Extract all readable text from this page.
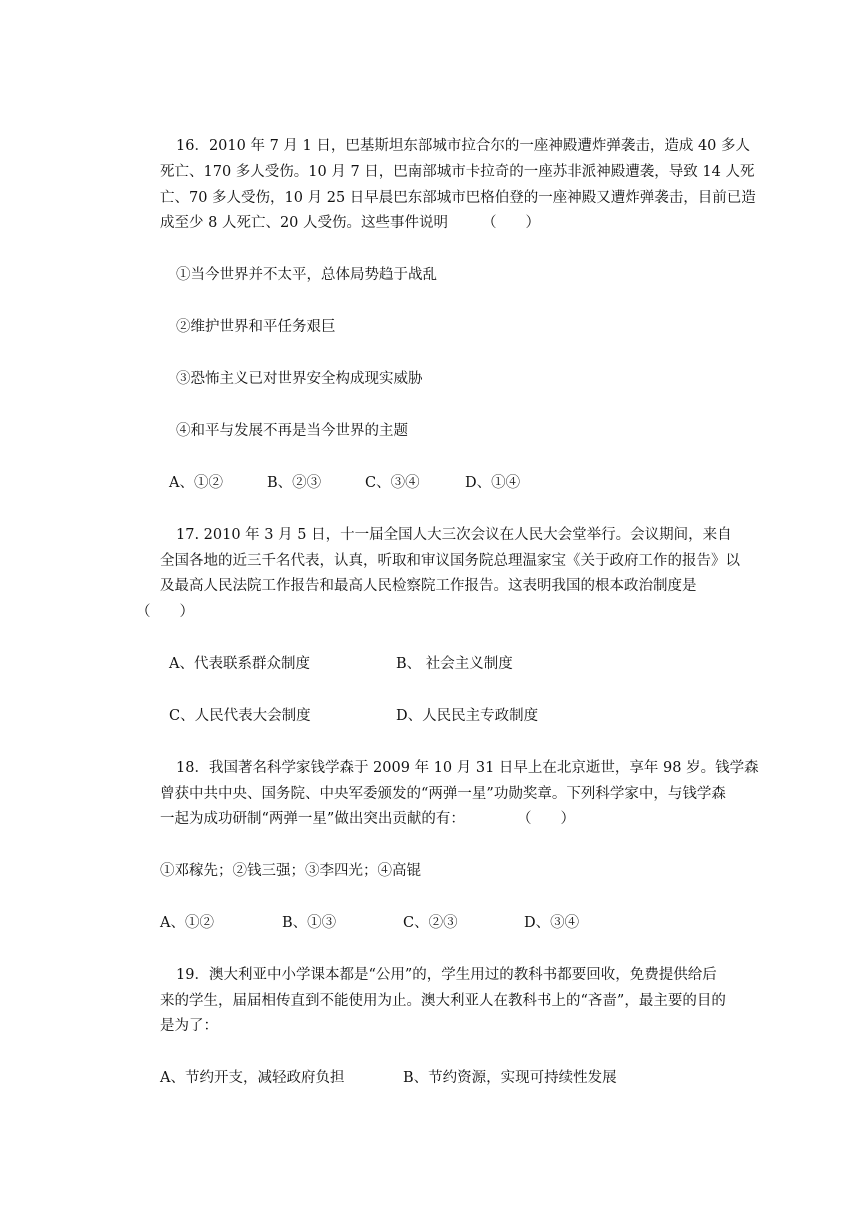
16．2010 年 7 月 1 日，巴基斯坦东部城市拉合尔的一座神殿遭炸弹袭击，造成 40 多人
死亡、170 多人受伤。10 月 7 日，巴南部城市卡拉奇的一座苏非派神殿遭袭，导致 14 人死
亡、70 多人受伤，10 月 25 日早晨巴东部城市巴格伯登的一座神殿又遭炸弹袭击，目前已造
成至少 8 人死亡、20 人受伤。这些事件说明 （　　）
①当今世界并不太平，总体局势趋于战乱
②维护世界和平任务艰巨
③恐怖主义已对世界安全构成现实威胁
④和平与发展不再是当今世界的主题
A、①②	B、②③	C、③④	D、①④
17. 2010 年 3 月 5 日，十一届全国人大三次会议在人民大会堂举行。会议期间，来自
全国各地的近三千名代表，认真，听取和审议国务院总理温家宝《关于政府工作的报告》以
及最高人民法院工作报告和最高人民检察院工作报告。这表明我国的根本政治制度是
（　　）
A、代表联系群众制度	B、 社会主义制度
C、人民代表大会制度	D、人民民主专政制度
18．我国著名科学家钱学森于 2009 年 10 月 31 日早上在北京逝世，享年 98 岁。钱学森
曾获中共中央、国务院、中央军委颁发的“两弹一星”功勋奖章。下列科学家中，与钱学森
一起为成功研制“两弹一星”做出突出贡献的有：	（　　）
①邓稼先；②钱三强；③李四光；④高锟
A、①②	B、①③	C、②③	D、③④
19．澳大利亚中小学课本都是“公用”的，学生用过的教科书都要回收，免费提供给后
来的学生，届届相传直到不能使用为止。澳大利亚人在教科书上的“吝啬”，最主要的目的
是为了：
A、节约开支，减轻政府负担	B、节约资源，实现可持续性发展
